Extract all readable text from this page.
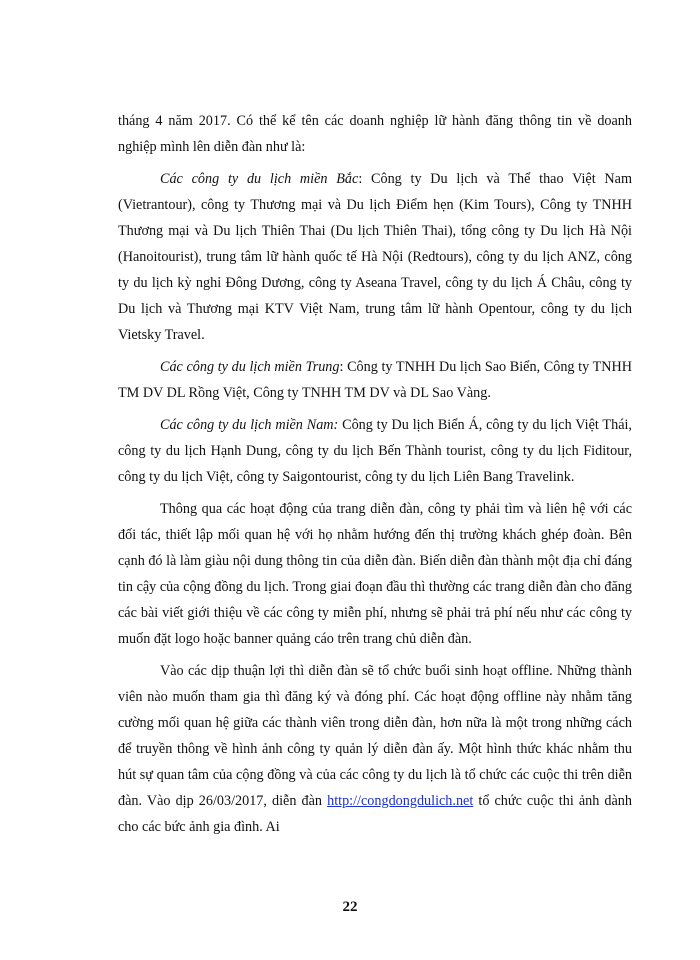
tháng 4 năm 2017. Có thể kể tên các doanh nghiệp lữ hành đăng thông tin về doanh nghiệp mình lên diễn đàn như là:

Các công ty du lịch miền Bắc: Công ty Du lịch và Thể thao Việt Nam (Vietrantour), công ty Thương mại và Du lịch Điểm hẹn (Kim Tours), Công ty TNHH Thương mại và Du lịch Thiên Thai (Du lịch Thiên Thai), tổng công ty Du lịch Hà Nội (Hanoitourist), trung tâm lữ hành quốc tế Hà Nội (Redtours), công ty du lịch ANZ, công ty du lịch kỳ nghỉ Đông Dương, công ty Aseana Travel, công ty du lịch Á Châu, công ty Du lịch và Thương mại KTV Việt Nam, trung tâm lữ hành Opentour, công ty du lịch Vietsky Travel.

Các công ty du lịch miền Trung: Công ty TNHH Du lịch Sao Biển, Công ty TNHH TM DV DL Rồng Việt, Công ty TNHH TM DV và DL Sao Vàng.

Các công ty du lịch miền Nam: Công ty Du lịch Biển Á, công ty du lịch Việt Thái, công ty du lịch Hạnh Dung, công ty du lịch Bến Thành tourist, công ty du lịch Fiditour, công ty du lịch Việt, công ty Saigontourist, công ty du lịch Liên Bang Travelink.

Thông qua các hoạt động của trang diễn đàn, công ty phải tìm và liên hệ với các đối tác, thiết lập mối quan hệ với họ nhằm hướng đến thị trường khách ghép đoàn. Bên cạnh đó là làm giàu nội dung thông tin của diễn đàn. Biến diễn đàn thành một địa chỉ đáng tin cậy của cộng đồng du lịch. Trong giai đoạn đầu thì thường các trang diễn đàn cho đăng các bài viết giới thiệu về các công ty miễn phí, nhưng sẽ phải trả phí nếu như các công ty muốn đặt logo hoặc banner quảng cáo trên trang chủ diễn đàn.

Vào các dịp thuận lợi thì diễn đàn sẽ tổ chức buổi sinh hoạt offline. Những thành viên nào muốn tham gia thì đăng ký và đóng phí. Các hoạt động offline này nhằm tăng cường mối quan hệ giữa các thành viên trong diễn đàn, hơn nữa là một trong những cách để truyền thông về hình ảnh công ty quản lý diễn đàn ấy. Một hình thức khác nhằm thu hút sự quan tâm của cộng đồng và của các công ty du lịch là tổ chức các cuộc thi trên diễn đàn. Vào dịp 26/03/2017, diễn đàn http://congdongdulich.net tổ chức cuộc thi ảnh dành cho các bức ảnh gia đình. Ai

22
